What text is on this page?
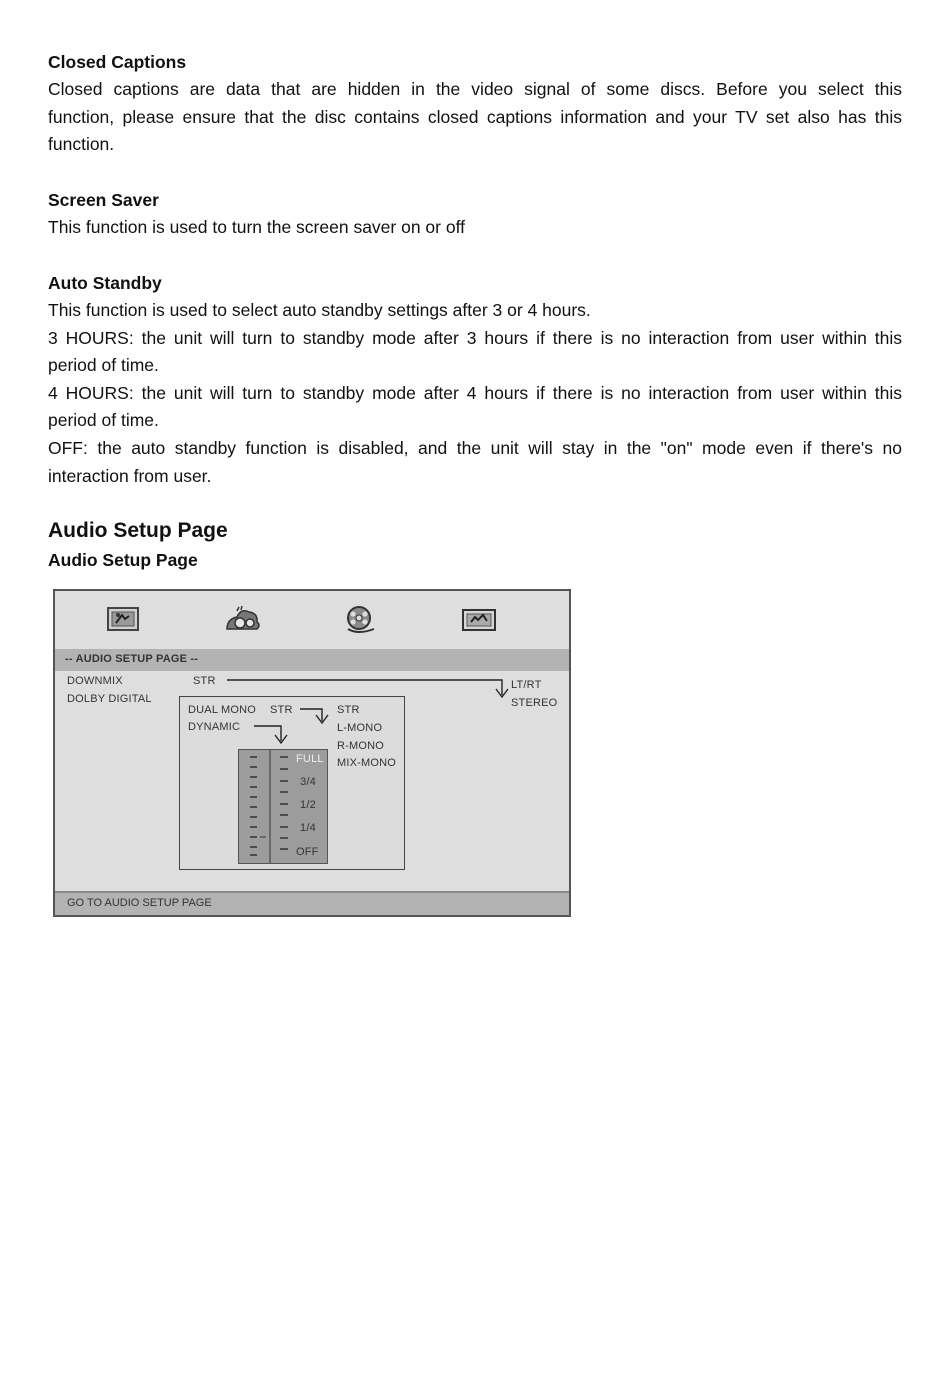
Closed Captions
Closed captions are data that are hidden in the video signal of some discs. Before you select this
function, please ensure that the disc contains closed captions information and your TV set also has this
function.
Screen Saver
This function is used to turn the screen saver on or off
Auto Standby
This function is used to select auto standby settings after 3 or 4 hours.
3 HOURS: the unit will turn to standby mode after 3 hours if there is no interaction from user within this
period of time.
4 HOURS: the unit will turn to standby mode after 4 hours if there is no interaction from user within this
period of time.
OFF: the auto standby function is disabled, and the unit will stay in the "on" mode even if there's no
interaction from user.
Audio Setup Page
Audio Setup Page
-- AUDIO SETUP PAGE --
DOWNMIX
DOLBY DIGITAL
STR	LT/RT
STEREO
DUAL MONO
DYNAMIC
STR	STR
L-MONO
R-MONO
MIX-MONO
FULL
3/4
1/2
1/4
OFF
GO TO AUDIO SETUP PAGE
